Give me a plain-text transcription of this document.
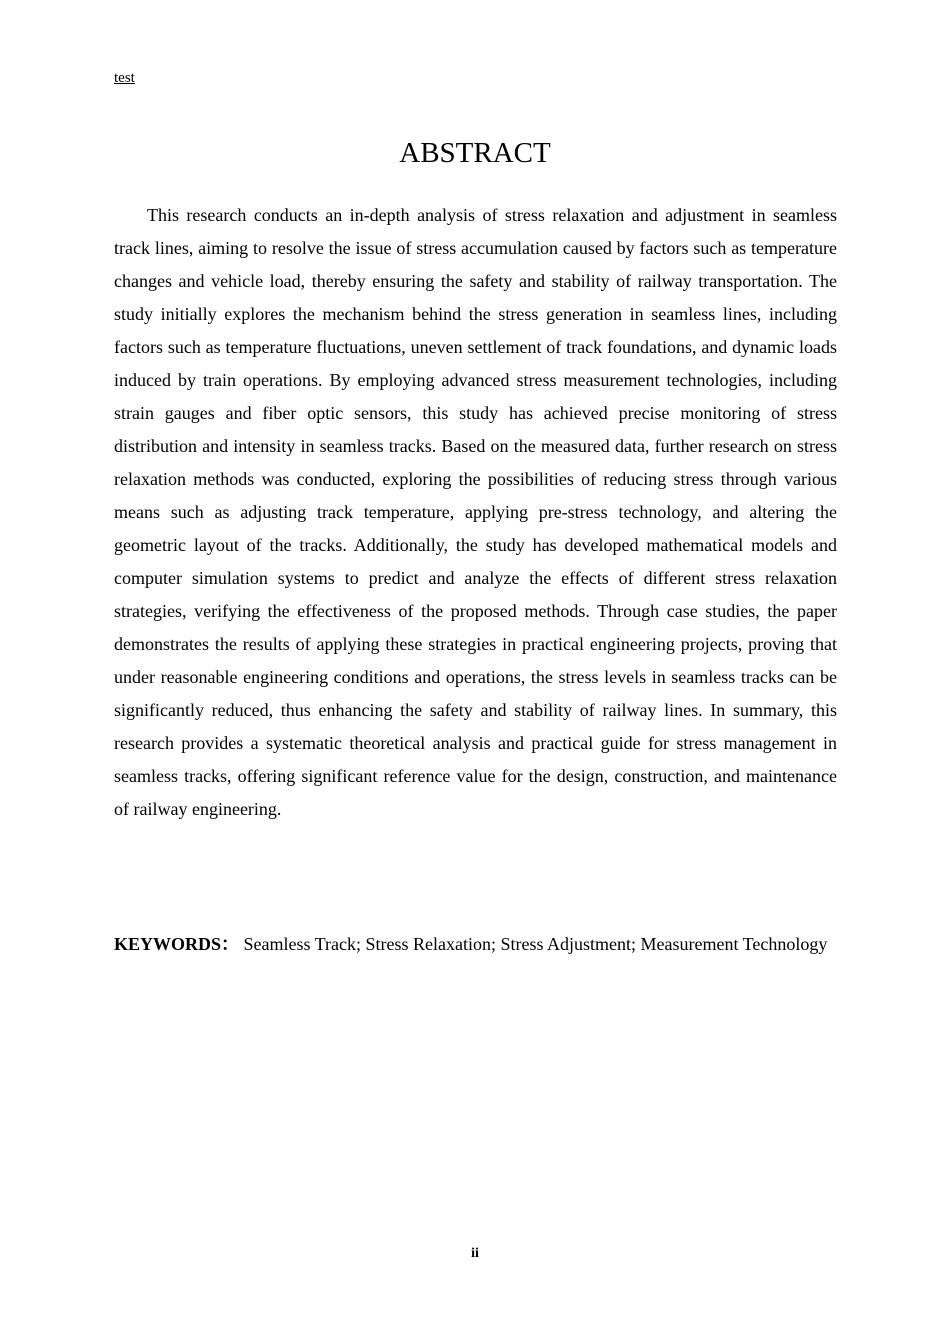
test
ABSTRACT

This research conducts an in-depth analysis of stress relaxation and adjustment in seamless track lines, aiming to resolve the issue of stress accumulation caused by factors such as temperature changes and vehicle load, thereby ensuring the safety and stability of railway transportation. The study initially explores the mechanism behind the stress generation in seamless lines, including factors such as temperature fluctuations, uneven settlement of track foundations, and dynamic loads induced by train operations. By employing advanced stress measurement technologies, including strain gauges and fiber optic sensors, this study has achieved precise monitoring of stress distribution and intensity in seamless tracks. Based on the measured data, further research on stress relaxation methods was conducted, exploring the possibilities of reducing stress through various means such as adjusting track temperature, applying pre-stress technology, and altering the geometric layout of the tracks. Additionally, the study has developed mathematical models and computer simulation systems to predict and analyze the effects of different stress relaxation strategies, verifying the effectiveness of the proposed methods. Through case studies, the paper demonstrates the results of applying these strategies in practical engineering projects, proving that under reasonable engineering conditions and operations, the stress levels in seamless tracks can be significantly reduced, thus enhancing the safety and stability of railway lines. In summary, this research provides a systematic theoretical analysis and practical guide for stress management in seamless tracks, offering significant reference value for the design, construction, and maintenance of railway engineering.

KEYWORDS： Seamless Track; Stress Relaxation; Stress Adjustment; Measurement Technology

ii
